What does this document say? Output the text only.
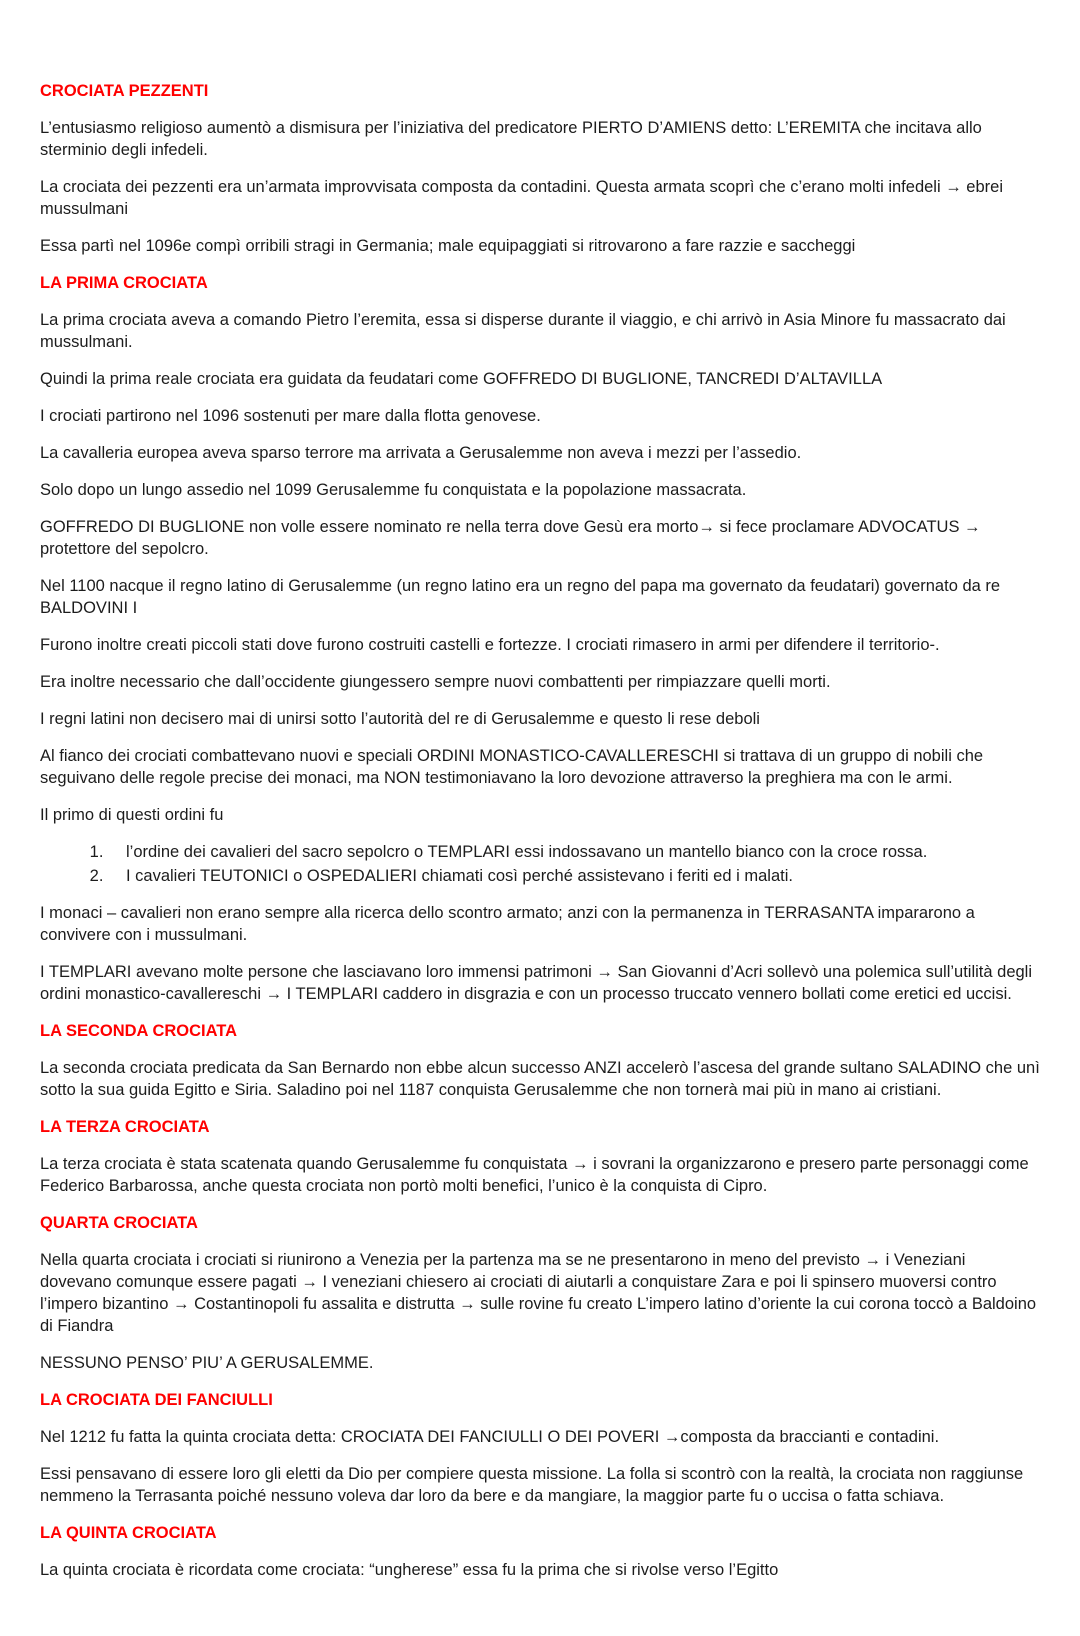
CROCIATA PEZZENTI

L’entusiasmo religioso aumentò a dismisura per l’iniziativa del predicatore PIERTO D’AMIENS detto: L’EREMITA che incitava allo sterminio degli infedeli.

La crociata dei pezzenti era un’armata improvvisata composta da contadini. Questa armata scoprì che c’erano molti infedeli → ebrei mussulmani

Essa partì nel 1096e compì orribili stragi in Germania; male equipaggiati si ritrovarono a fare razzie e saccheggi

LA PRIMA CROCIATA

La prima crociata aveva a comando Pietro l’eremita, essa si disperse durante il viaggio, e chi arrivò in Asia Minore fu massacrato dai mussulmani.

Quindi la prima reale crociata era guidata da feudatari come GOFFREDO DI BUGLIONE, TANCREDI D’ALTAVILLA

I crociati partirono nel 1096 sostenuti per mare dalla flotta genovese.

La cavalleria europea aveva sparso terrore ma arrivata a Gerusalemme non aveva i mezzi per l’assedio.

Solo dopo un lungo assedio nel 1099 Gerusalemme fu conquistata e la popolazione massacrata.

GOFFREDO DI BUGLIONE non volle essere nominato re nella terra dove Gesù era morto→ si fece proclamare ADVOCATUS → protettore del sepolcro.

Nel 1100 nacque il regno latino di Gerusalemme (un regno latino era un regno del papa ma governato da feudatari) governato da re BALDOVINI I

Furono inoltre creati piccoli stati dove furono costruiti castelli e fortezze. I crociati rimasero in armi per difendere il territorio-.

Era inoltre necessario che dall’occidente giungessero sempre nuovi combattenti per rimpiazzare quelli morti.

I regni latini non decisero mai di unirsi sotto l’autorità del re di Gerusalemme e questo li rese deboli

Al fianco dei crociati combattevano nuovi e speciali ORDINI MONASTICO-CAVALLERESCHI si trattava di un gruppo di nobili che seguivano delle regole precise dei monaci, ma NON testimoniavano la loro devozione attraverso la preghiera ma con le armi.

Il primo di questi ordini fu

1. l’ordine dei cavalieri del sacro sepolcro o TEMPLARI essi indossavano un mantello bianco con la croce rossa.
2. I cavalieri TEUTONICI o OSPEDALIERI chiamati così perché assistevano i feriti ed i malati.

I monaci – cavalieri non erano sempre alla ricerca dello scontro armato; anzi con la permanenza in TERRASANTA impararono a convivere con i mussulmani.

I TEMPLARI avevano molte persone che lasciavano loro immensi patrimoni → San Giovanni d’Acri sollevò una polemica sull’utilità degli ordini monastico-cavallereschi → I TEMPLARI caddero in disgrazia e con un processo truccato vennero bollati come eretici ed uccisi.

LA SECONDA CROCIATA

La seconda crociata predicata da San Bernardo non ebbe alcun successo ANZI accelerò l’ascesa del grande sultano SALADINO che unì sotto la sua guida Egitto e Siria. Saladino poi nel 1187 conquista Gerusalemme che non tornerà mai più in mano ai cristiani.

LA TERZA CROCIATA

La terza crociata è stata scatenata quando Gerusalemme fu conquistata → i sovrani la organizzarono e presero parte personaggi come Federico Barbarossa, anche questa crociata non portò molti benefici, l’unico è la conquista di Cipro.

QUARTA CROCIATA

Nella quarta crociata i crociati si riunirono a Venezia per la partenza ma se ne presentarono in meno del previsto → i Veneziani dovevano comunque essere pagati → I veneziani chiesero ai crociati di aiutarli a conquistare Zara e poi li spinsero muoversi contro l’impero bizantino → Costantinopoli fu assalita e distrutta → sulle rovine fu creato L’impero latino d’oriente la cui corona toccò a Baldoino di Fiandra

NESSUNO PENSO’ PIU’ A GERUSALEMME.

LA CROCIATA DEI FANCIULLI

Nel 1212 fu fatta la quinta crociata detta: CROCIATA DEI FANCIULLI O DEI POVERI →composta da braccianti e contadini.

Essi pensavano di essere loro gli eletti da Dio per compiere questa missione. La folla si scontrò con la realtà, la crociata non raggiunse nemmeno la Terrasanta poiché nessuno voleva dar loro da bere e da mangiare, la maggior parte fu o uccisa o fatta schiava.

LA QUINTA CROCIATA

La quinta crociata è ricordata come crociata: “ungherese” essa fu la prima che si rivolse verso l’Egitto
